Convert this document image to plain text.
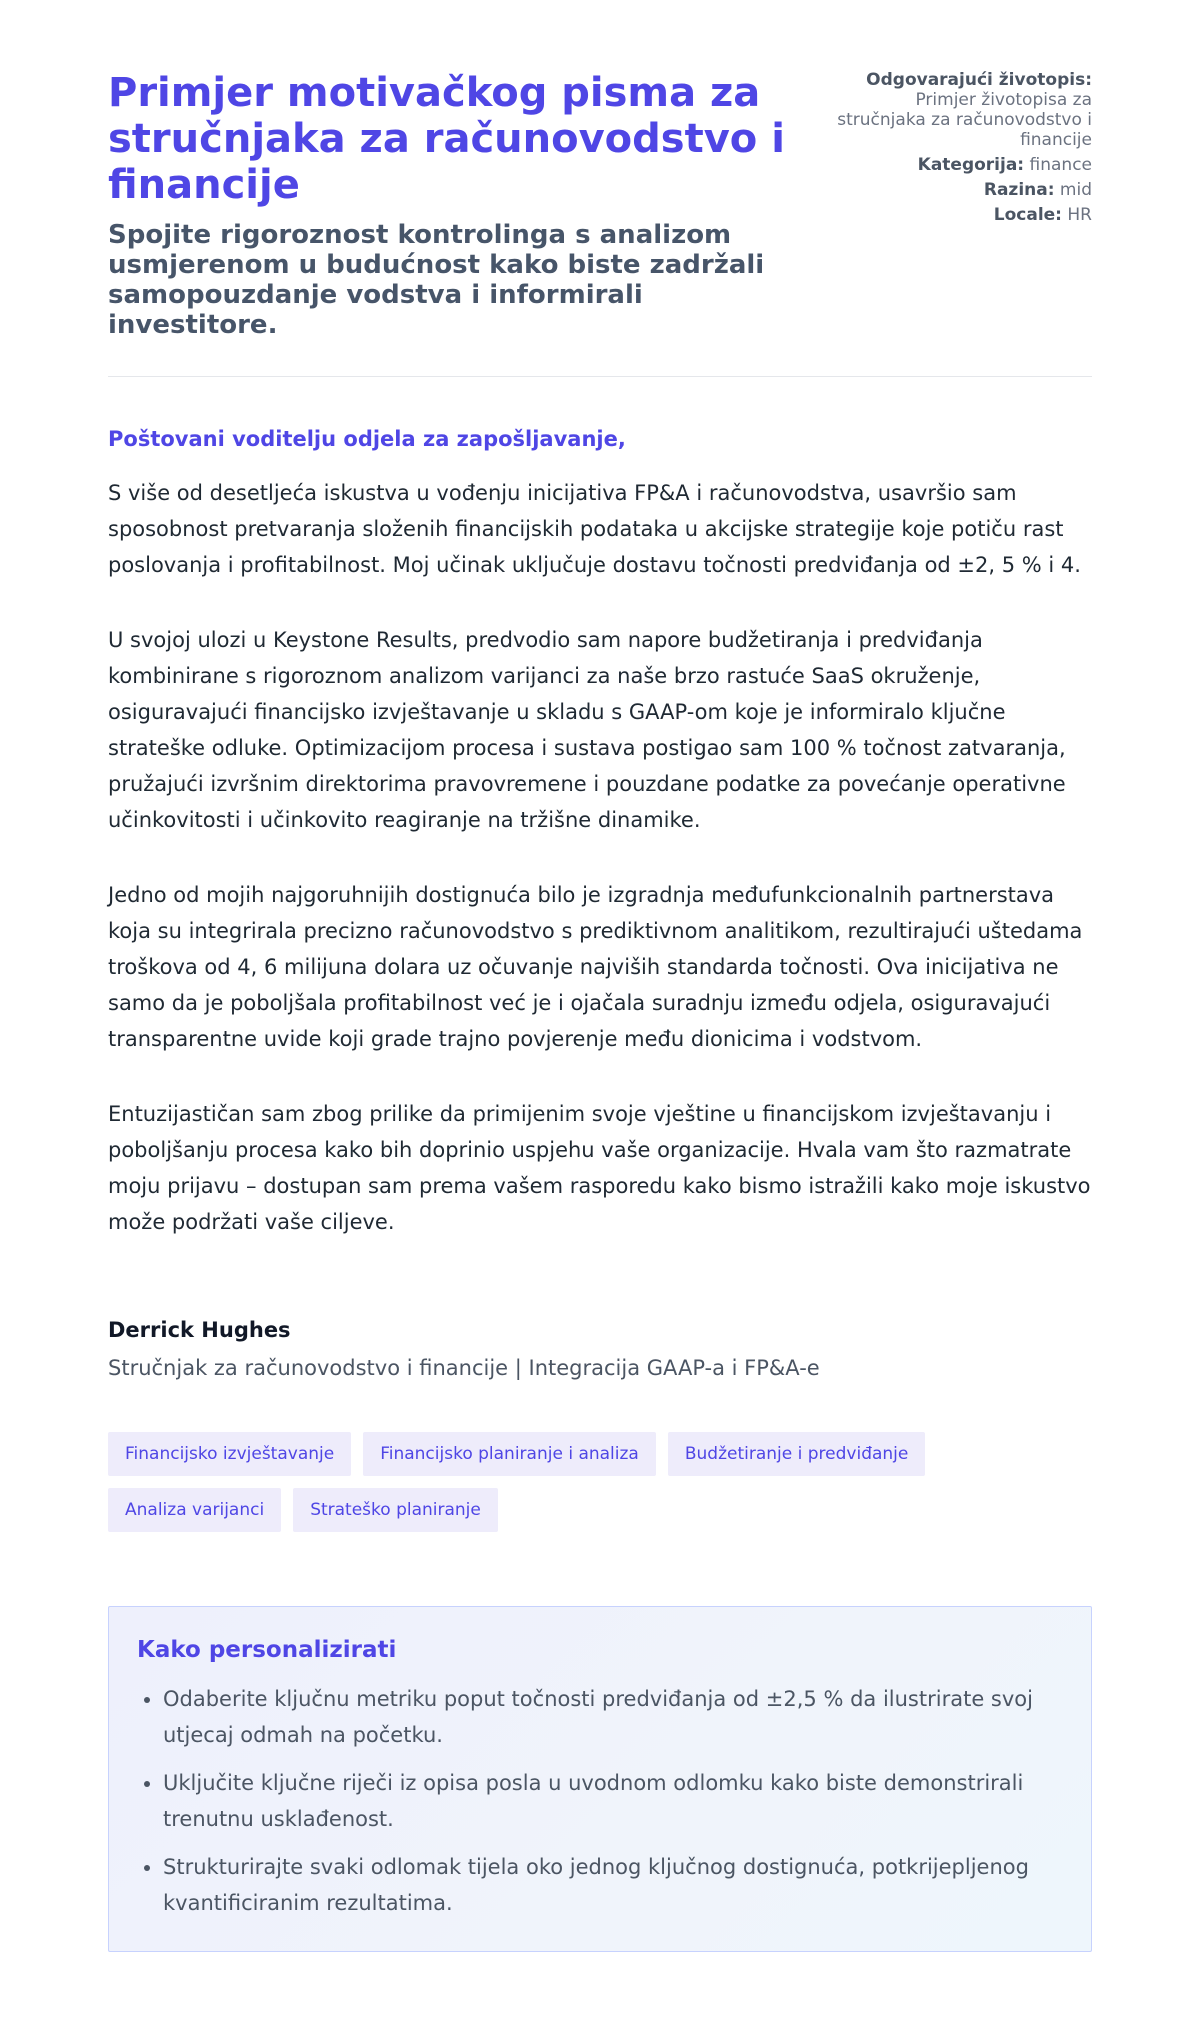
Primjer motivačkog pisma za stručnjaka za računovodstvo i financije
Spojite rigoroznost kontrolinga s analizom usmjerenom u budućnost kako biste zadržali samopouzdanje vodstva i informirali investitore.
Odgovarajući životopis:
Primjer životopisa za stručnjaka za računovodstvo i financije
Kategorija: finance
Razina: mid
Locale: HR
Poštovani voditelju odjela za zapošljavanje,

S više od desetljeća iskustva u vođenju inicijativa FP&A i računovodstva, usavršio sam sposobnost pretvaranja složenih financijskih podataka u akcijske strategije koje potiču rast poslovanja i profitabilnost. Moj učinak uključuje dostavu točnosti predviđanja od ±2, 5 % i 4.

U svojoj ulozi u Keystone Results, predvodio sam napore budžetiranja i predviđanja kombinirane s rigoroznom analizom varijanci za naše brzo rastuće SaaS okruženje, osiguravajući financijsko izvještavanje u skladu s GAAP-om koje je informiralo ključne strateške odluke. Optimizacijom procesa i sustava postigao sam 100 % točnost zatvaranja, pružajući izvršnim direktorima pravovremene i pouzdane podatke za povećanje operativne učinkovitosti i učinkovito reagiranje na tržišne dinamike.

Jedno od mojih najgoruhnijih dostignuća bilo je izgradnja međufunkcionalnih partnerstava koja su integrirala precizno računovodstvo s prediktivnom analitikom, rezultirajući uštedama troškova od 4, 6 milijuna dolara uz očuvanje najviših standarda točnosti. Ova inicijativa ne samo da je poboljšala profitabilnost već je i ojačala suradnju između odjela, osiguravajući transparentne uvide koji grade trajno povjerenje među dionicima i vodstvom.

Entuzijastičan sam zbog prilike da primijenim svoje vještine u financijskom izvještavanju i poboljšanju procesa kako bih doprinio uspjehu vaše organizacije. Hvala vam što razmatrate moju prijavu – dostupan sam prema vašem rasporedu kako bismo istražili kako moje iskustvo može podržati vaše ciljeve.

Derrick Hughes
Stručnjak za računovodstvo i financije | Integracija GAAP-a i FP&A-e
Financijsko izvještavanje	Financijsko planiranje i analiza	Budžetiranje i predviđanje
Analiza varijanci	Strateško planiranje
Kako personalizirati
• Odaberite ključnu metriku poput točnosti predviđanja od ±2,5 % da ilustrirate svoj utjecaj odmah na početku.
• Uključite ključne riječi iz opisa posla u uvodnom odlomku kako biste demonstrirali trenutnu usklađenost.
• Strukturirajte svaki odlomak tijela oko jednog ključnog dostignuća, potkrijepljenog kvantificiranim rezultatima.
